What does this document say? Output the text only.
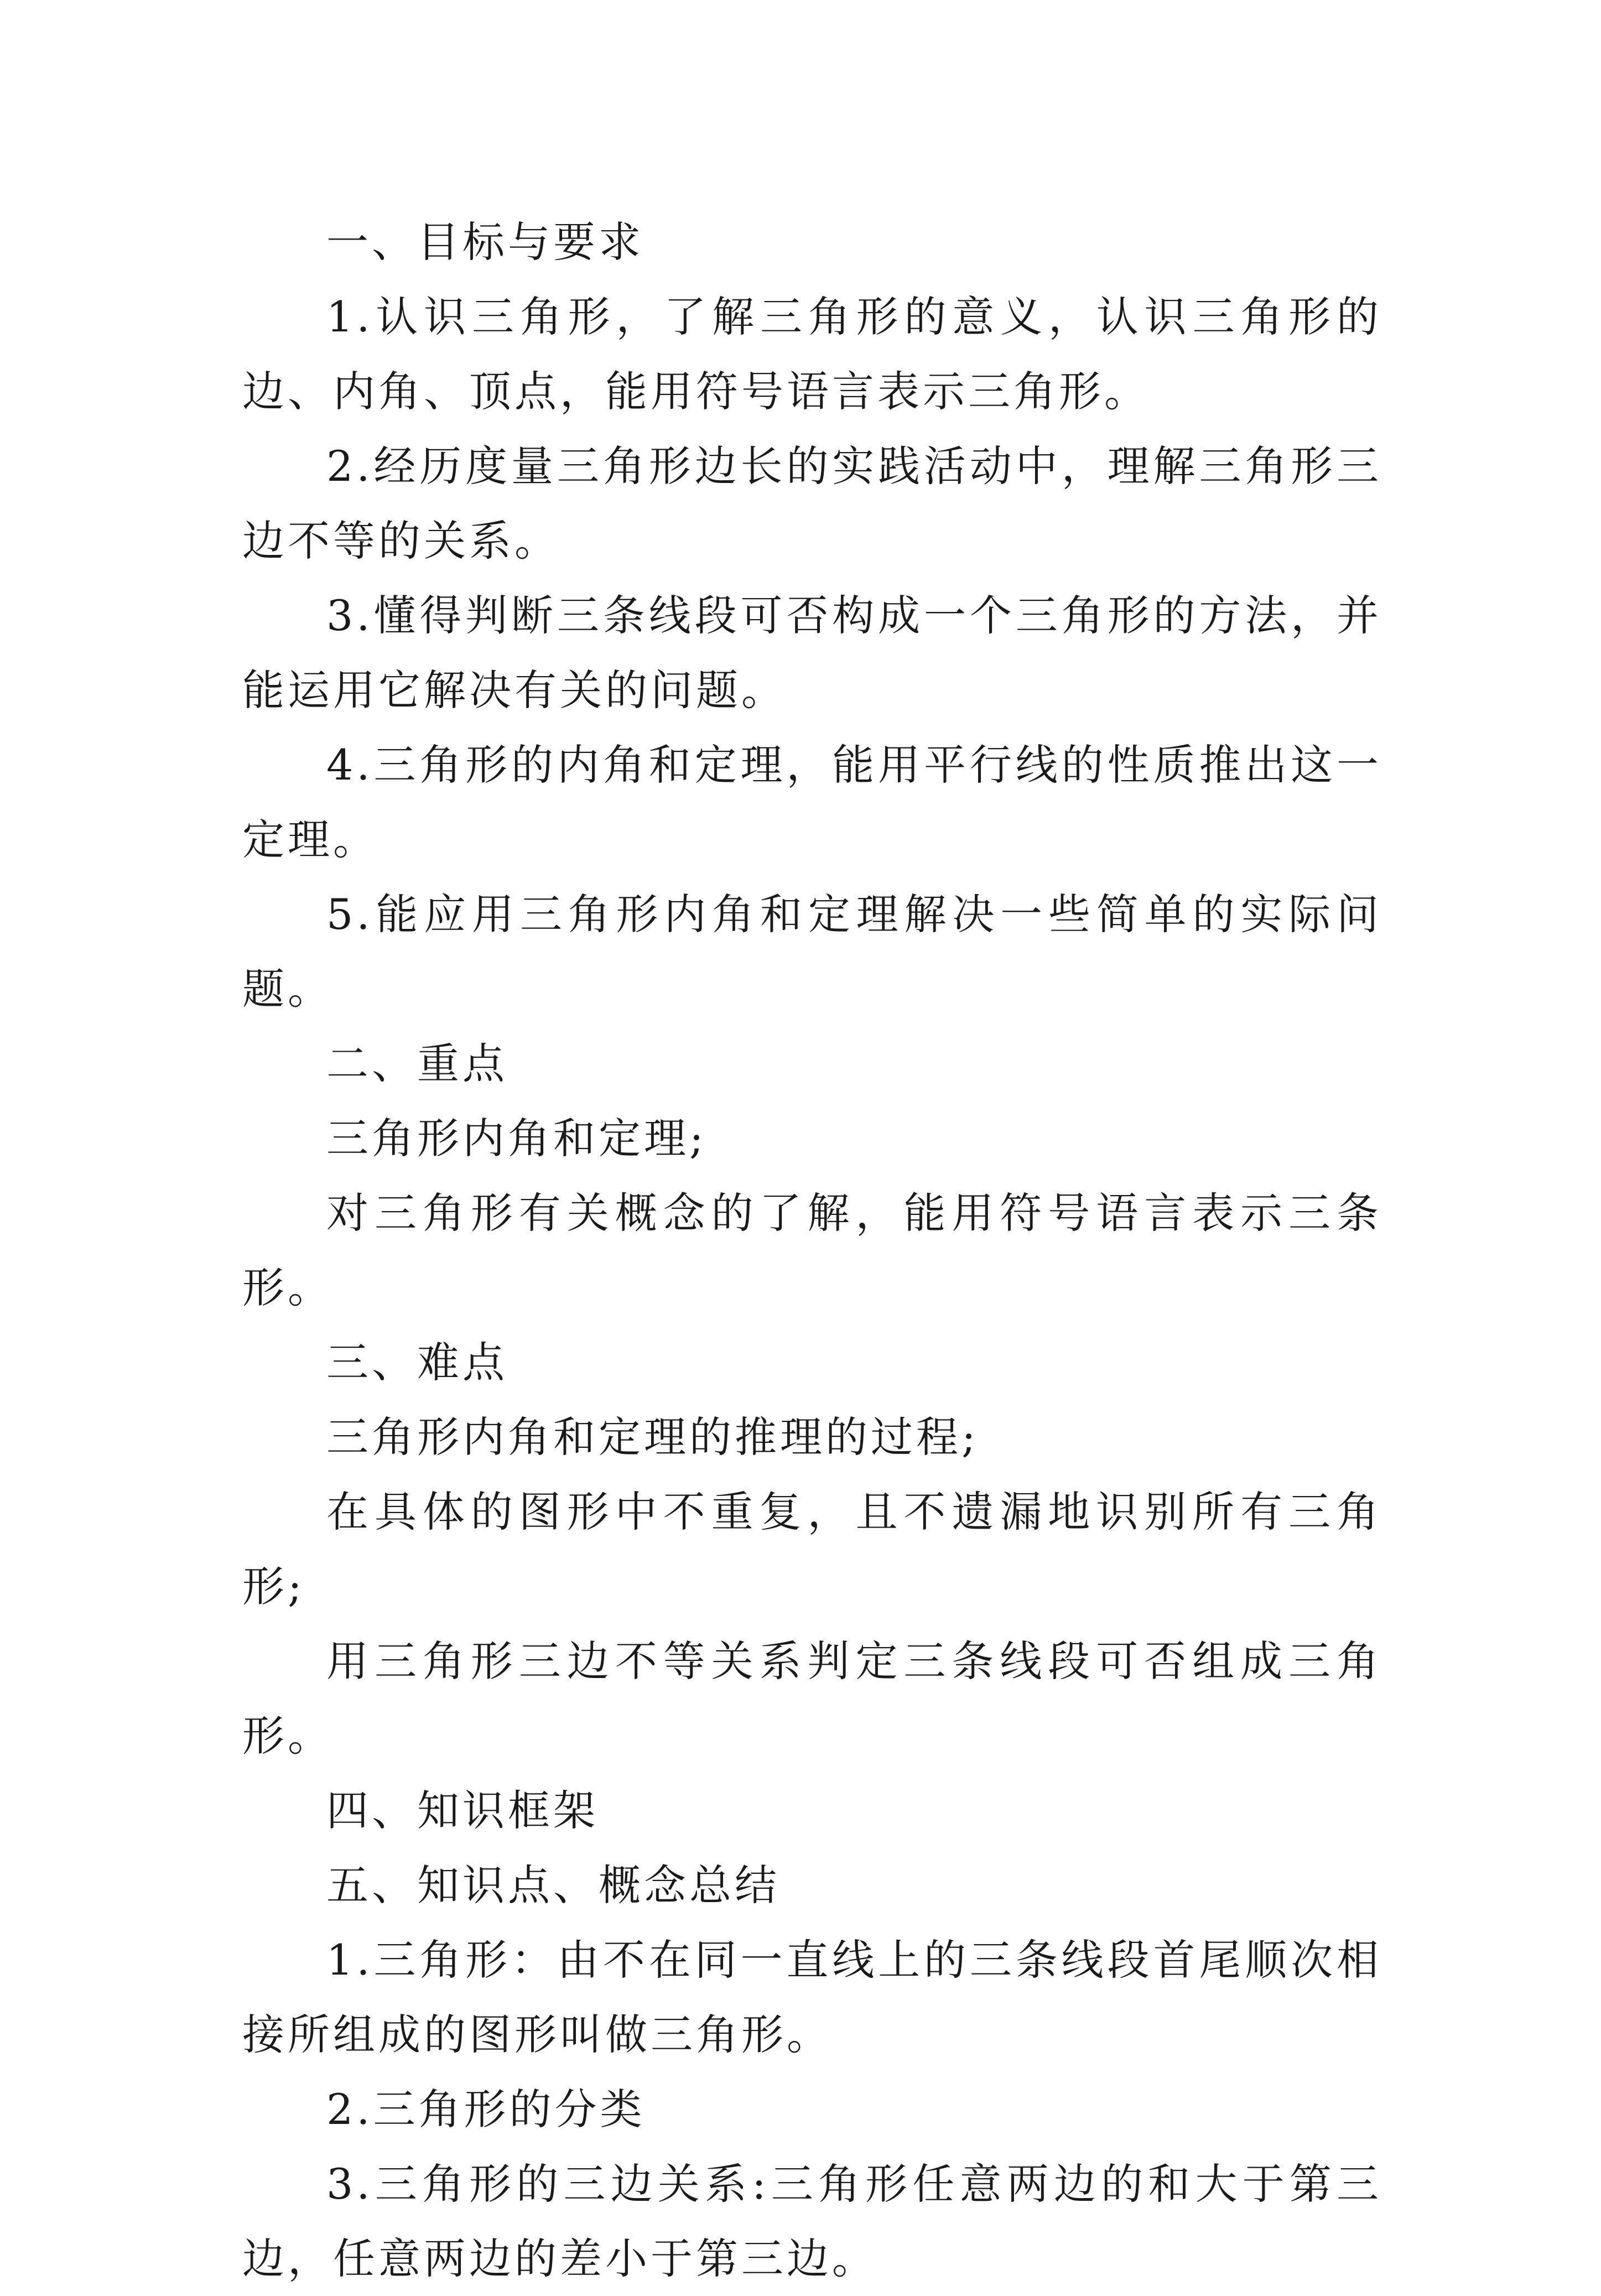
一、目标与要求

1.认识三角形，了解三角形的意义，认识三角形的边、内角、顶点，能用符号语言表示三角形。

2.经历度量三角形边长的实践活动中，理解三角形三边不等的关系。

3.懂得判断三条线段可否构成一个三角形的方法，并能运用它解决有关的问题。

4.三角形的内角和定理，能用平行线的性质推出这一定理。

5.能应用三角形内角和定理解决一些简单的实际问题。

二、重点

三角形内角和定理;

对三角形有关概念的了解，能用符号语言表示三条形。

三、难点

三角形内角和定理的推理的过程;

在具体的图形中不重复，且不遗漏地识别所有三角形;

用三角形三边不等关系判定三条线段可否组成三角形。

四、知识框架

五、知识点、概念总结

1.三角形：由不在同一直线上的三条线段首尾顺次相接所组成的图形叫做三角形。

2.三角形的分类

3.三角形的三边关系:三角形任意两边的和大于第三边，任意两边的差小于第三边。
